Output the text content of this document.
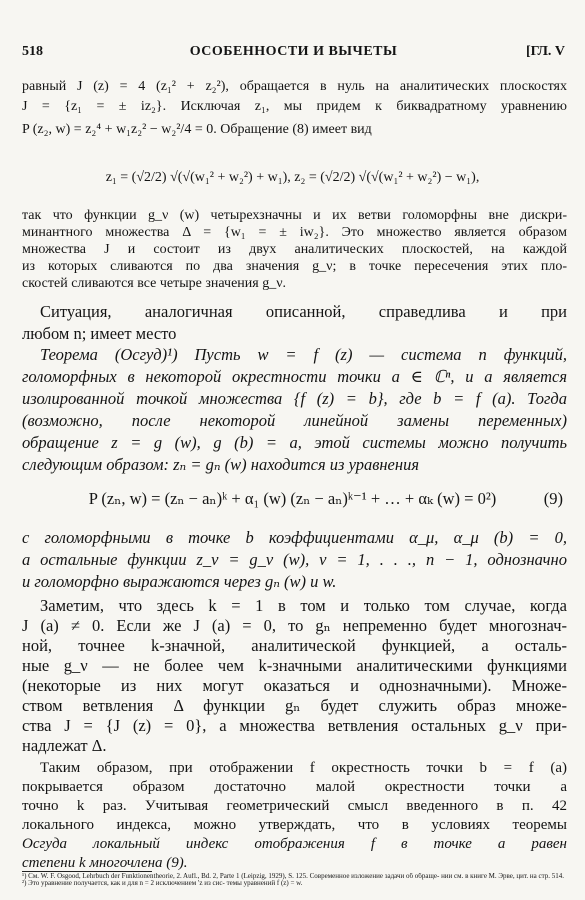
518	ОСОБЕННОСТИ И ВЫЧЕТЫ	[ГЛ. V
равный J (z) = 4 (z₁² + z₂²), обращается в нуль на аналитических плоскостях
J = {z₁ = ± iz₂}. Исключая z₁, мы придем к биквадратному уравнению
P (z₂, w) = z₂⁴ + w₁z₂² − w₂²/4 = 0. Обращение (8) имеет вид
z₁ = (√2/2) √(√(w₁² + w₂²) + w₁), z₂ = (√2/2) √(√(w₁² + w₂²) − w₁),
так что функции g_ν (w) четырехзначны и их ветви голоморфны вне дискри-
минантного множества Δ = {w₁ = ± iw₂}. Это множество является образом
множества J и состоит из двух аналитических плоскостей, на каждой
из которых сливаются по два значения g_ν; в точке пересечения этих пло-
скостей сливаются все четыре значения g_ν.
Ситуация, аналогичная описанной, справедлива и при
любом n; имеет место
Теорема (Осгуд)¹) Пусть w = f (z) — система n функций,
голоморфных в некоторой окрестности точки a ∈ ℂⁿ, и a является
изолированной точкой множества {f (z) = b}, где b = f (a). Тогда
(возможно, после некоторой линейной замены переменных)
обращение z = g (w), g (b) = a, этой системы можно получить
следующим образом: zₙ = gₙ (w) находится из уравнения
P (zₙ, w) = (zₙ − aₙ)ᵏ + α₁ (w) (zₙ − aₙ)ᵏ⁻¹ + … + αₖ (w) = 0²)	(9)
с голоморфными в точке b коэффициентами α_μ, α_μ (b) = 0,
а остальные функции z_ν = g_ν (w), ν = 1, . . ., n − 1, однозначно
и голоморфно выражаются через gₙ (w) и w.
Заметим, что здесь k = 1 в том и только том случае, когда
J (a) ≠ 0. Если же J (a) = 0, то gₙ непременно будет многознач-
ной, точнее k-значной, аналитической функцией, а осталь-
ные g_ν — не более чем k-значными аналитическими функциями
(некоторые из них могут оказаться и однозначными). Множе-
ством ветвления Δ функции gₙ будет служить образ множе-
ства J = {J (z) = 0}, а множества ветвления остальных g_ν при-
надлежат Δ.
Таким образом, при отображении f окрестность точки b = f (a)
покрывается образом достаточно малой окрестности точки a
точно k раз. Учитывая геометрический смысл введенного в п. 42
локального индекса, можно утверждать, что в условиях теоремы
Осгуда локальный индекс отображения f в точке a равен
степени k многочлена (9).
¹) См. W. F. Osgood, Lehrbuch der Funktionentheorie, 2. Aufl., Bd. 2, Parte 1 (Leipzig, 1929), S. 125. Современное изложение задачи об обраще- нии см. в книге М. Эрве, цит. на стр. 514. ²) Это уравнение получается, как и для n = 2 исключением ′z из сис- темы уравнений f (z) = w.
